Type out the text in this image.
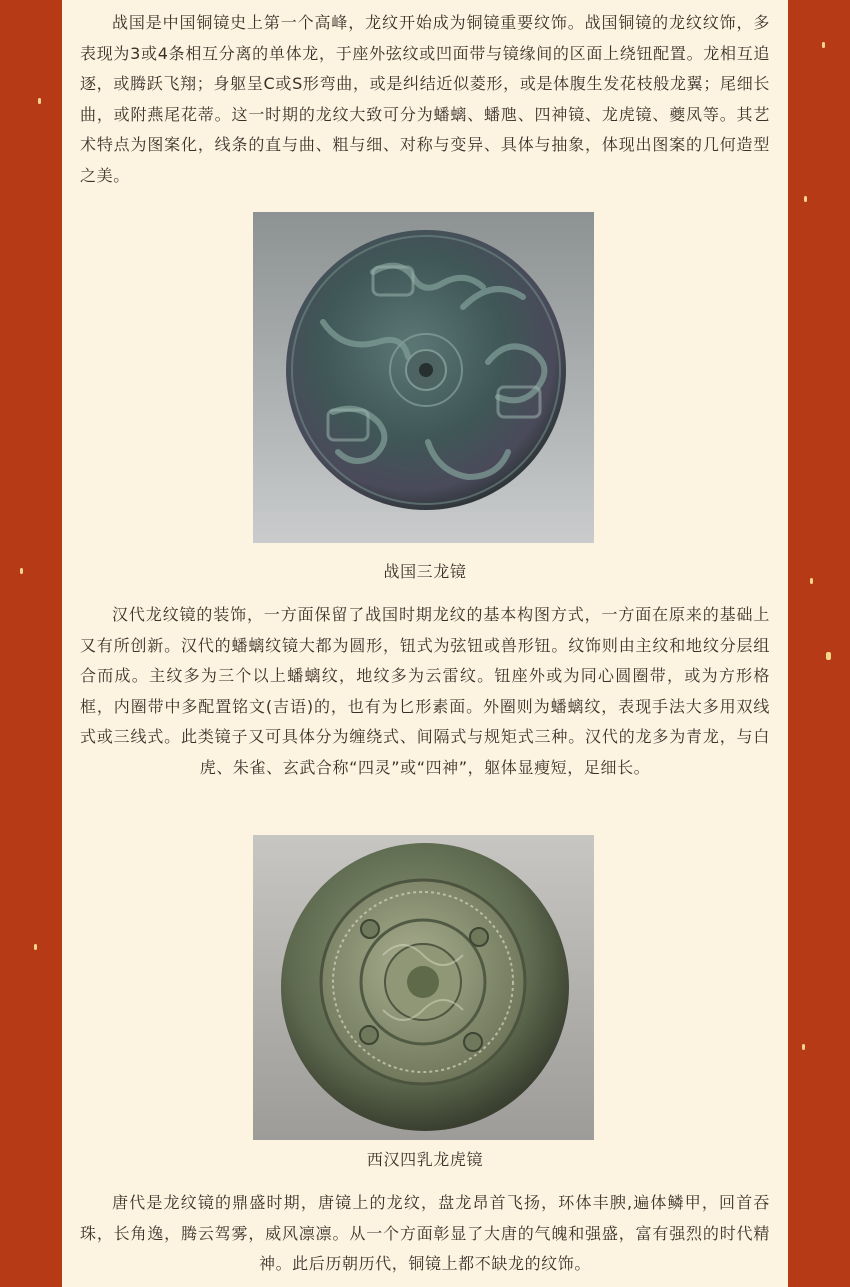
战国是中国铜镜史上第一个高峰，龙纹开始成为铜镜重要纹饰。战国铜镜的龙纹纹饰，多表现为3或4条相互分离的单体龙，于座外弦纹或凹面带与镜缘间的区面上绕钮配置。龙相互追逐，或腾跃飞翔；身躯呈C或S形弯曲，或是纠结近似菱形，或是体腹生发花枝般龙翼；尾细长曲，或附燕尾花蒂。这一时期的龙纹大致可分为蟠螭、蟠虺、四神镜、龙虎镜、夔凤等。其艺术特点为图案化，线条的直与曲、粗与细、对称与变异、具体与抽象，体现出图案的几何造型之美。

战国三龙镜

汉代龙纹镜的装饰，一方面保留了战国时期龙纹的基本构图方式，一方面在原来的基础上又有所创新。汉代的蟠螭纹镜大都为圆形，钮式为弦钮或兽形钮。纹饰则由主纹和地纹分层组合而成。主纹多为三个以上蟠螭纹，地纹多为云雷纹。钮座外或为同心圆圈带，或为方形格框，内圈带中多配置铭文(吉语)的，也有为匕形素面。外圈则为蟠螭纹，表现手法大多用双线式或三线式。此类镜子又可具体分为缠绕式、间隔式与规矩式三种。汉代的龙多为青龙，与白虎、朱雀、玄武合称“四灵”或“四神”，躯体显瘦短，足细长。

西汉四乳龙虎镜

唐代是龙纹镜的鼎盛时期，唐镜上的龙纹，盘龙昂首飞扬，环体丰腴,遍体鳞甲，回首吞珠，长角逸，腾云驾雾，威风凛凛。从一个方面彰显了大唐的气魄和强盛，富有强烈的时代精神。此后历朝历代，铜镜上都不缺龙的纹饰。
